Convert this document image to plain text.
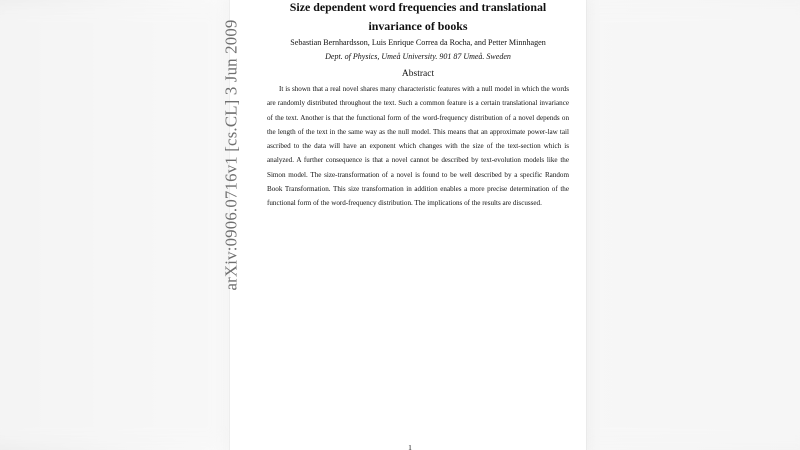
arXiv:0906.0716v1 [cs.CL] 3 Jun 2009
Size dependent word frequencies and translational invariance of books
Sebastian Bernhardsson, Luis Enrique Correa da Rocha, and Petter Minnhagen
Dept. of Physics, Umeå University. 901 87 Umeå. Sweden
Abstract
It is shown that a real novel shares many characteristic features with a null model in which the words are randomly distributed throughout the text. Such a common feature is a certain translational invariance of the text. Another is that the functional form of the word-frequency distribution of a novel depends on the length of the text in the same way as the null model. This means that an approximate power-law tail ascribed to the data will have an exponent which changes with the size of the text-section which is analyzed. A further consequence is that a novel cannot be described by text-evolution models like the Simon model. The size-transformation of a novel is found to be well described by a specific Random Book Transformation. This size transformation in addition enables a more precise determination of the functional form of the word-frequency distribution. The implications of the results are discussed.
1
